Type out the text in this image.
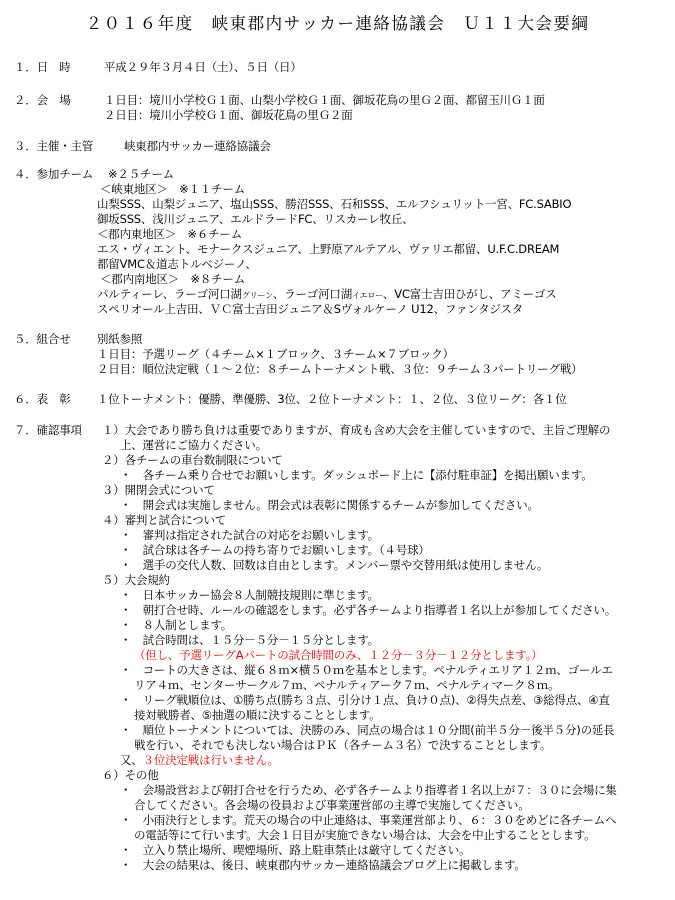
２０１６年度　峡東郡内サッカー連絡協議会　Ｕ１１大会要綱
１．日　時	平成２９年３月４日（土）、５日（日）
２．会　場	１日目：境川小学校Ｇ１面、山梨小学校Ｇ１面、御坂花鳥の里Ｇ２面、都留玉川Ｇ１面
２日目：境川小学校Ｇ１面、御坂花鳥の里Ｇ２面
３．主催・主管	峡東郡内サッカー連絡協議会
４．参加チーム ※２５チーム
＜峡東地区＞　※１１チーム
山梨SSS、山梨ジュニア、塩山SSS、勝沼SSS、石和SSS、エルフシュリット一宮、FC.SABIO
御坂SSS、浅川ジュニア、エルドラードFC、リスカーレ牧丘、
＜郡内東地区＞　※６チーム
エス・ヴィエント、モナークスジュニア、上野原アルテアル、ヴァリエ都留、U.F.C.DREAM
都留VMC＆道志トルベジーノ、
＜郡内南地区＞　※８チーム
パルティーレ、ラーゴ河口湖グリーン、ラーゴ河口湖イエロー、VC富士吉田ひがし、アミーゴス
スペリオール上吉田、ＶＣ富士吉田ジュニア＆Sヴォルケーノ U12、ファンタジスタ
５．組合せ 別紙参照
１日目：予選リーグ（４チーム×１ブロック、３チーム×７ブロック）
２日目：順位決定戦（１～２位：８チームトーナメント戦、３位：９チーム３パートリーグ戦）
６．表　彰 １位トーナメント：優勝、準優勝、3位、２位トーナメント：１、２位、３位リーグ：各１位
７．確認事項 １）大会であり勝ち負けは重要でありますが、育成も含め大会を主催していますので、主旨ご理解の
上、運営にご協力ください。
２）各チームの車台数制限について
・　各チーム乗り合せでお願いします。ダッシュボード上に【添付駐車証】を掲出願います。
３）開閉会式について
・　開会式は実施しません。閉会式は表彰に関係するチームが参加してください。
４）審判と試合について
・　審判は指定された試合の対応をお願いします。
・　試合球は各チームの持ち寄りでお願いします。（４号球）
・　選手の交代人数、回数は自由とします。メンバー票や交替用紙は使用しません。
５）大会規約
・　日本サッカー協会８人制競技規則に準じます。
・　朝打合せ時、ルールの確認をします。必ず各チームより指導者１名以上が参加してください。
・　８人制とします。
・　試合時間は、１５分－５分－１５分とします。
（但し、予選リーグAパートの試合時間のみ、１２分－３分－１２分とします。）
・　コートの大きさは、縦６８ｍ×横５０ｍを基本とします。ペナルティエリア１２ｍ、ゴールエ
リア４ｍ、センターサークル７ｍ、ペナルティアーク７ｍ、ペナルティマーク８ｍ。
・　リーグ戦順位は、①勝ち点(勝ち３点、引分け１点、負け０点)、②得失点差、③総得点、④直
接対戦勝者、⑤抽選の順に決することとします。
・　順位トーナメントについては、決勝のみ、同点の場合は１０分間(前半５分－後半５分)の延長
戦を行い、それでも決しない場合はＰＫ（各チーム３名）で決することとします。
又、３位決定戦は行いません。
６）その他
・　会場設営および朝打合せを行うため、必ず各チームより指導者１名以上が７：３０に会場に集
合してください。各会場の役員および事業運営部の主導で実施してください。
・　小雨決行とします。荒天の場合の中止連絡は、事業運営部より、６：３０をめどに各チームへ
の電話等にて行います。大会１日目が実施できない場合は、大会を中止することとします。
・　立入り禁止場所、喫煙場所、路上駐車禁止は厳守してください。
・　大会の結果は、後日、峡東郡内サッカー連絡協議会ブログ上に掲載します。
